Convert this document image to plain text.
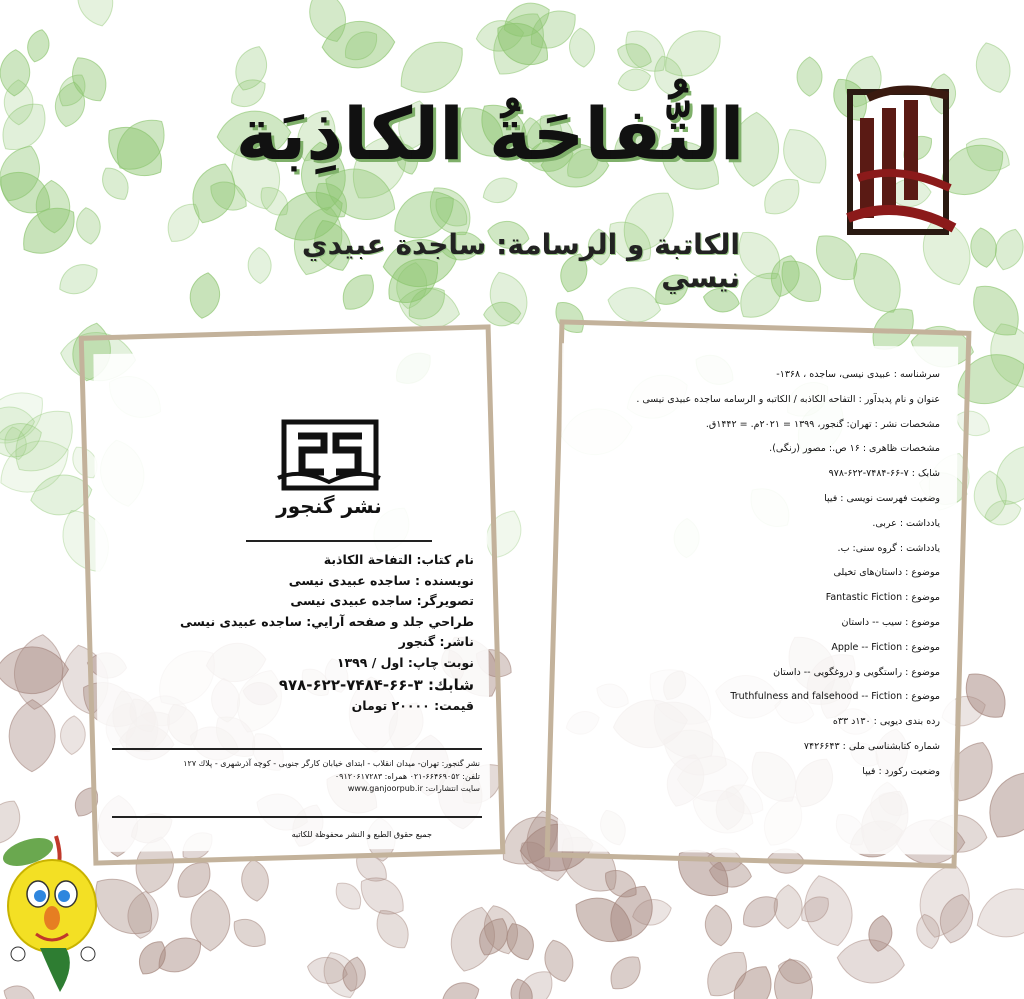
التُّفاحَةُ الكاذِبَة
الكاتبة و الرسامة: ساجدة عبيدي نيسي
نشر گنجور
نام كتاب: التفاحة الكاذبة
نويسنده : ساجده عبيدى نيسى
تصويرگر: ساجده عبيدى نيسى
طراحي جلد و صفحه آرايي: ساجده عبيدى نيسى
ناشر: گنجور
نوبت چاپ: اول / ۱۳۹۹
شابك: ۳-۶۶-۷۴۸۴-۶۲۲-۹۷۸
قيمت: ۲۰۰۰۰ تومان
نشر گنجور: تهران- ميدان انقلاب - ابتداى خيابان كارگر جنوبى - كوچه آذرشهرى - پلاك ۱۲۷
تلفن: ۶۶۴۶۹۰۵۲-۰۲۱ همراه: ۰۹۱۲۰۶۱۷۲۸۳
سايت انتشارات: www.ganjoorpub.ir
جميع حقوق الطبع و النشر محفوظة للكاتبه
سرشناسه : عبيدى نيسى، ساجده ، ۱۳۶۸-
عنوان و نام پديدآور : التفاحه الكاذبه / الكاتبه و الرسامه ساجده عبيدى نيسى .
مشخصات نشر : تهران: گنجور، ۱۳۹۹ = ۲۰۲۱م. = ۱۴۴۲ق.
مشخصات ظاهرى : ۱۶ ص.: مصور (رنگى).
شابک : ۷-۶۶-۷۴۸۴-۶۲۲-۹۷۸
وضعيت فهرست نويسى : فيپا
يادداشت : عربى.
يادداشت : گروه سنى: ب.
موضوع : داستان‌هاى تخيلى
موضوع : Fantastic Fiction
موضوع : سيب -- داستان
موضوع : Apple -- Fiction
موضوع : راستگويى و دروغگويى -- داستان
موضوع : Truthfulness and falsehood -- Fiction
رده بندى ديويى : ۱۳۰د ۳۳ه
شماره كتابشناسى ملى : ۷۴۲۶۶۴۳
وضعيت ركورد : فيپا
